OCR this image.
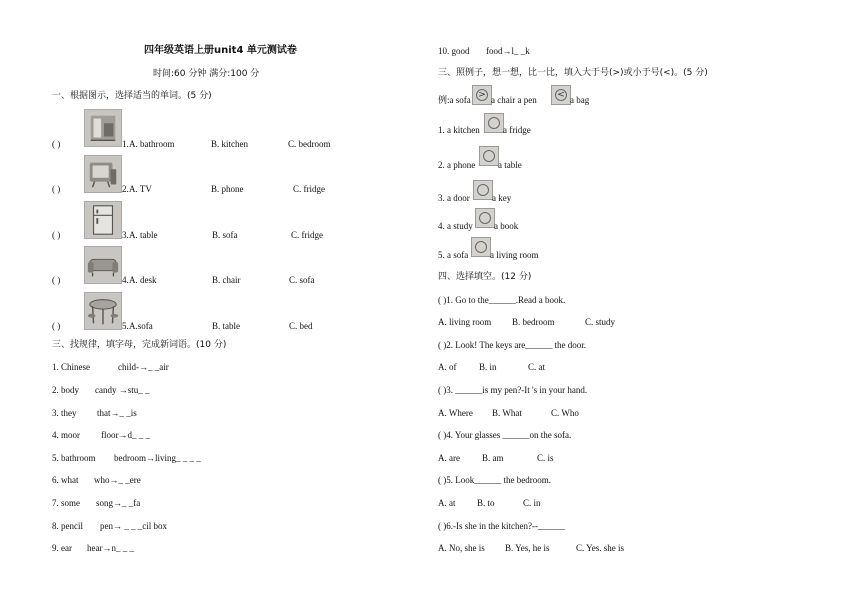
四年级英语上册unit4 单元测试卷
时间:60 分钟 满分:100 分
一、根据图示，选择适当的单词。(5 分)
( )	1. A. bathroom	B. kitchen	C. bedroom
( )	2. A. TV	B. phone	C. fridge
( )	3. A. table	B. sofa	C. fridge
( )	4. A. desk	B. chair	C. sofa
( )	5. A.sofa	B. table	C. bed
三、找规律，填字母，完成新词语。(10 分)
1. Chinese	child-→_ _air
2. body candy →stu_ _
3. they that→_ _is
4. moor floor→d_ _ _
5. bathroom bedroom→living_ _ _ _
6. what who→_ _ere
7. some song→_ _fa
8. pencil pen→ _ _ _cil box
9. ear hear→n_ _ _
10. good food→l_ _k
三、照例子，想一想，比一比，填入大于号(>)或小于号(<)。(5 分)
例:a sofa > a chair a pen	< a bag
1. a kitchen	a fridge
2. a phone	a table
3. a door a key
4. a study a book
5. a sofa a living room
四、选择填空。(12 分)
( )1. Go to the______.Read a book.
A. living room B. bedroom	C. study
( )2. Look! The keys are______ the door.
A. of	B. in	C. at
( )3. ______is my pen?-It 's in your hand.
A. Where B. What	C. Who
( )4. Your glasses ______on the sofa.
A. are B. am	C. is
( )5. Look______ the bedroom.
A. at B. to	C. in
( )6.-Is she in the kitchen?--______
A. No, she is B. Yes, he is	C. Yes. she is
